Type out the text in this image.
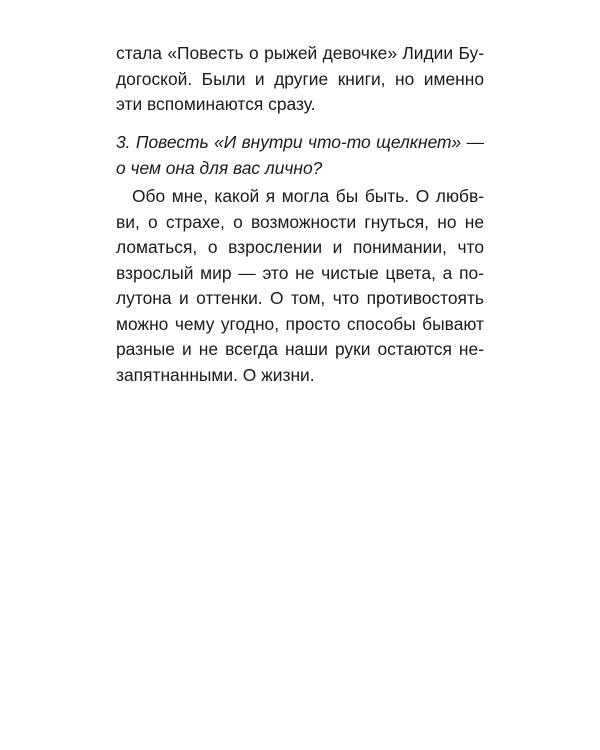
стала «Повесть о рыжей девочке» Лидии Бу-
догоской. Были и другие книги, но именно
эти вспоминаются сразу.
3. Повесть «И внутри что-то щелкнет» —
о чем она для вас лично?
Обо мне, какой я могла бы быть. О любв-
ви, о страхе, о возможности гнуться, но не
ломаться, о взрослении и понимании, что
взрослый мир — это не чистые цвета, а по-
лутона и оттенки. О том, что противостоять
можно чему угодно, просто способы бывают
разные и не всегда наши руки остаются не-
запятнанными. О жизни.
